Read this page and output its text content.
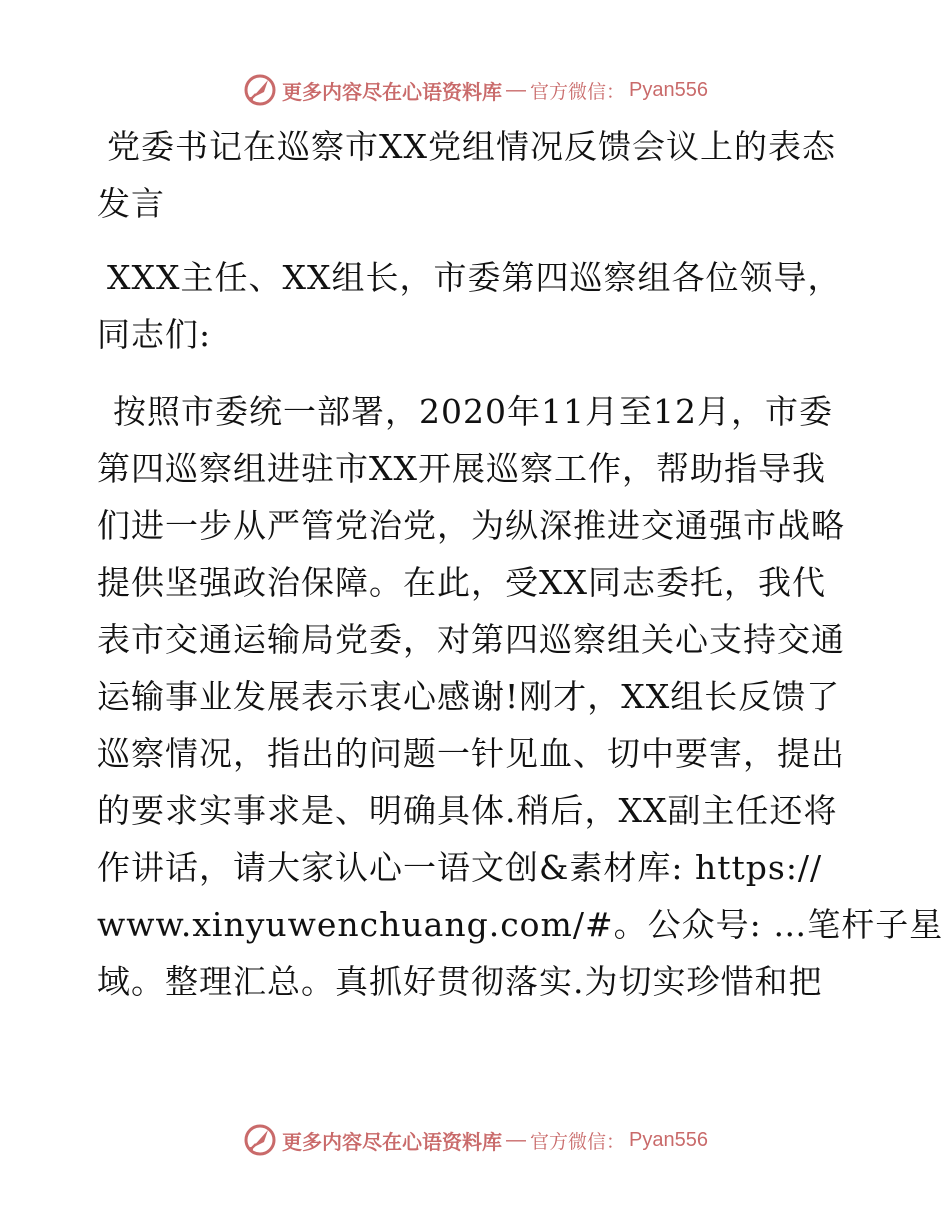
更多内容尽在心语资料库 — 官方微信： Pyan556
党委书记在巡察市XX党组情况反馈会议上的表态
发言
XXX主任、XX组长，市委第四巡察组各位领导，
同志们:
按照市委统一部署，2020年11月至12月，市委
第四巡察组进驻市XX开展巡察工作，帮助指导我
们进一步从严管党治党，为纵深推进交通强市战略
提供坚强政治保障。在此，受XX同志委托，我代
表市交通运输局党委，对第四巡察组关心支持交通
运输事业发展表示衷心感谢!刚才，XX组长反馈了
巡察情况，指出的问题一针见血、切中要害，提出
的要求实事求是、明确具体.稍后，XX副主任还将
作讲话，请大家认心一语文创&素材库: https://
www.xinyuwenchuang.com/#。公众号: …笔杆子星
域。整理汇总。真抓好贯彻落实.为切实珍惜和把
更多内容尽在心语资料库 — 官方微信： Pyan556
